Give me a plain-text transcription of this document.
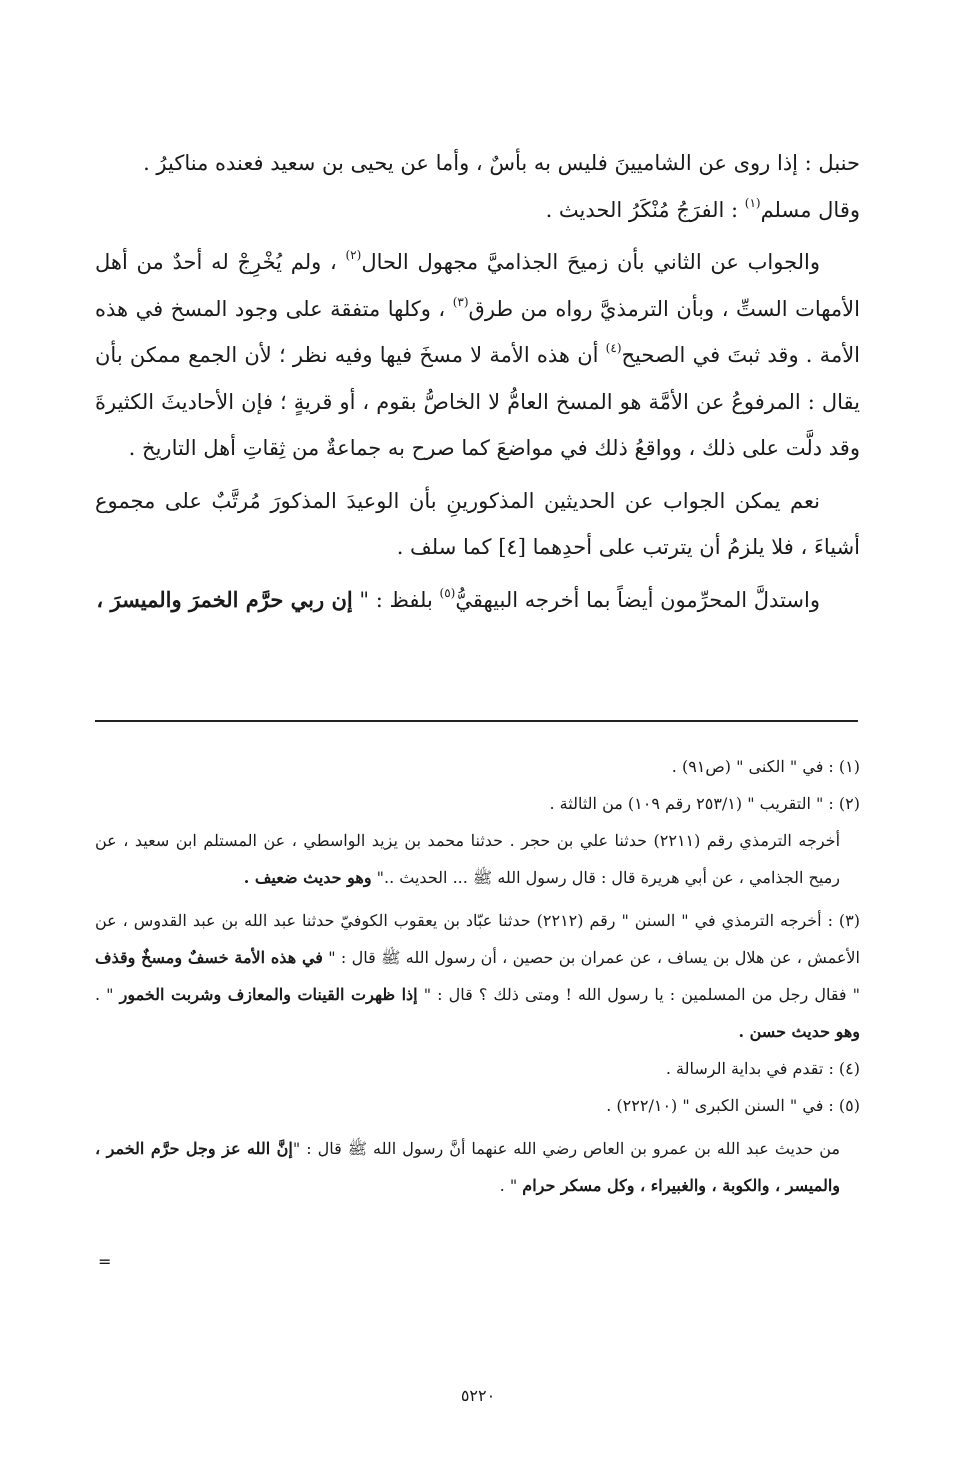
حنبل : إذا روى عن الشاميينَ فليس به بأسٌ ، وأما عن يحيى بن سعيد فعنده مناكيرُ .

وقال مسلم$^{(١)}$ : الفرَجُ مُنْكَرُ الحديث .

والجواب عن الثاني بأن زميحَ الجذاميَّ مجهول الحال$^{(٢)}$ ، ولم يُخْرِجْ له أحدٌ من أهل الأمهات الستِّ ، وبأن الترمذيَّ رواه من طرق$^{(٣)}$ ، وكلها متفقة على وجود المسخ في هذه الأمة . وقد ثبتَ في الصحيح$^{(٤)}$ أن هذه الأمة لا مسخَ فيها وفيه نظر ؛ لأن الجمع ممكن بأن يقال : المرفوعُ عن الأمَّة هو المسخ العامُّ لا الخاصُّ بقوم ، أو قريةٍ ؛ فإن الأحاديثَ الكثيرةَ وقد دلَّت على ذلك ، وواقعُ ذلك في مواضعَ كما صرح به جماعةٌ من ثِقاتِ أهل التاريخ .

نعم يمكن الجواب عن الحديثين المذكورينِ بأن الوعيدَ المذكورَ مُرتَّبٌ على مجموع أشياءَ ، فلا يلزمُ أن يترتب على أحدِهما [٤] كما سلف .

واستدلَّ المحرِّمون أيضاً بما أخرجه البيهقيُّ$^{(٥)}$ بلفظ : " إن ربي حرَّم الخمرَ والميسرَ ،

(١) : في " الكنى " (ص٩١) .

(٢) : " التقريب " (٢٥٣/١ رقم ١٠٩) من الثالثة .

أخرجه الترمذي رقم (٢٢١١) حدثنا علي بن حجر . حدثنا محمد بن يزيد الواسطي ، عن المستلم ابن سعيد ، عن رميح الجذامي ، عن أبي هريرة قال : قال رسول الله ﷺ ... الحديث .." وهو حديث ضعيف .

(٣) : أخرجه الترمذي في " السنن " رقم (٢٢١٢) حدثنا عبّاد بن يعقوب الكوفيّ حدثنا عبد الله بن عبد القدوس ، عن الأعمش ، عن هلال بن يساف ، عن عمران بن حصين ، أن رسول الله ﷺ قال : " في هذه الأمة خسفٌ ومسخٌ وقذف " فقال رجل من المسلمين : يا رسول الله ! ومتى ذلك ؟ قال : " إذا ظهرت القينات والمعازف وشربت الخمور " . وهو حديث حسن .

(٤) : تقدم في بداية الرسالة .

(٥) : في " السنن الكبرى " (٢٢٢/١٠) .

من حديث عبد الله بن عمرو بن العاص رضي الله عنهما أنَّ رسول الله ﷺ قال : "إنَّ الله عز وجل حرَّم الخمر ، والميسر ، والكوبة ، والغبيراء ، وكل مسكر حرام " .

=
٥٢٢٠
